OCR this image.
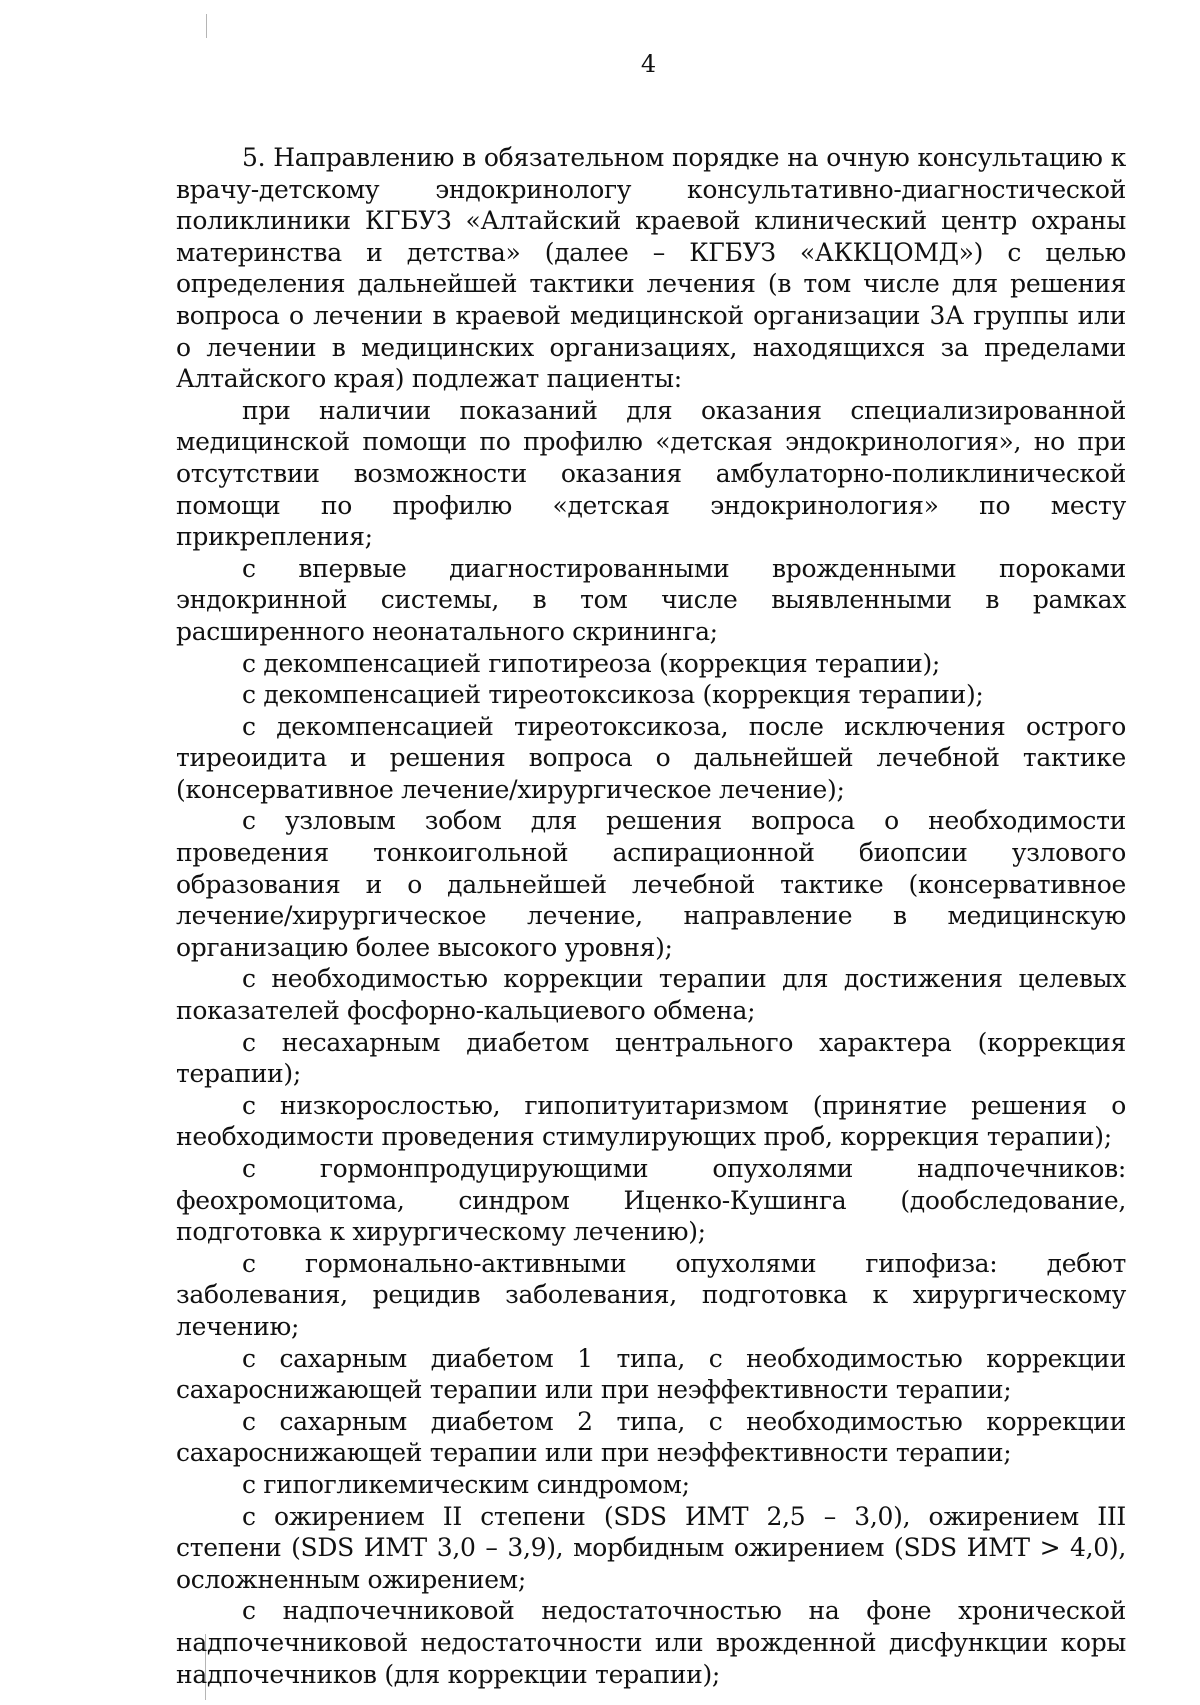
4

5. Направлению в обязательном порядке на очную консультацию к врачу-детскому эндокринологу консультативно-диагностической поликлиники КГБУЗ «Алтайский краевой клинический центр охраны материнства и детства» (далее – КГБУЗ «АККЦОМД») с целью определения дальнейшей тактики лечения (в том числе для решения вопроса о лечении в краевой медицинской организации 3А группы или о лечении в медицинских организациях, находящихся за пределами Алтайского края) подлежат пациенты:

при наличии показаний для оказания специализированной медицинской помощи по профилю «детская эндокринология», но при отсутствии возможности оказания амбулаторно-поликлинической помощи по профилю «детская эндокринология» по месту прикрепления;

с впервые диагностированными врожденными пороками эндокринной системы, в том числе выявленными в рамках расширенного неонатального скрининга;

с декомпенсацией гипотиреоза (коррекция терапии);

с декомпенсацией тиреотоксикоза (коррекция терапии);

с декомпенсацией тиреотоксикоза, после исключения острого тиреоидита и решения вопроса о дальнейшей лечебной тактике (консервативное лечение/хирургическое лечение);

с узловым зобом для решения вопроса о необходимости проведения тонкоигольной аспирационной биопсии узлового образования и о дальнейшей лечебной тактике (консервативное лечение/хирургическое лечение, направление в медицинскую организацию более высокого уровня);

с необходимостью коррекции терапии для достижения целевых показателей фосфорно-кальциевого обмена;

с несахарным диабетом центрального характера (коррекция терапии);

с низкорослостью, гипопитуитаризмом (принятие решения о необходимости проведения стимулирующих проб, коррекция терапии);

с гормонпродуцирующими опухолями надпочечников: феохромоцитома, синдром Иценко-Кушинга (дообследование, подготовка к хирургическому лечению);

с гормонально-активными опухолями гипофиза: дебют заболевания, рецидив заболевания, подготовка к хирургическому лечению;

с сахарным диабетом 1 типа, с необходимостью коррекции сахароснижающей терапии или при неэффективности терапии;

с сахарным диабетом 2 типа, с необходимостью коррекции сахароснижающей терапии или при неэффективности терапии;

с гипогликемическим синдромом;

с ожирением II степени (SDS ИМТ 2,5 – 3,0), ожирением III степени (SDS ИМТ 3,0 – 3,9), морбидным ожирением (SDS ИМТ > 4,0), осложненным ожирением;

с надпочечниковой недостаточностью на фоне хронической надпочечниковой недостаточности или врожденной дисфункции коры надпочечников (для коррекции терапии);
